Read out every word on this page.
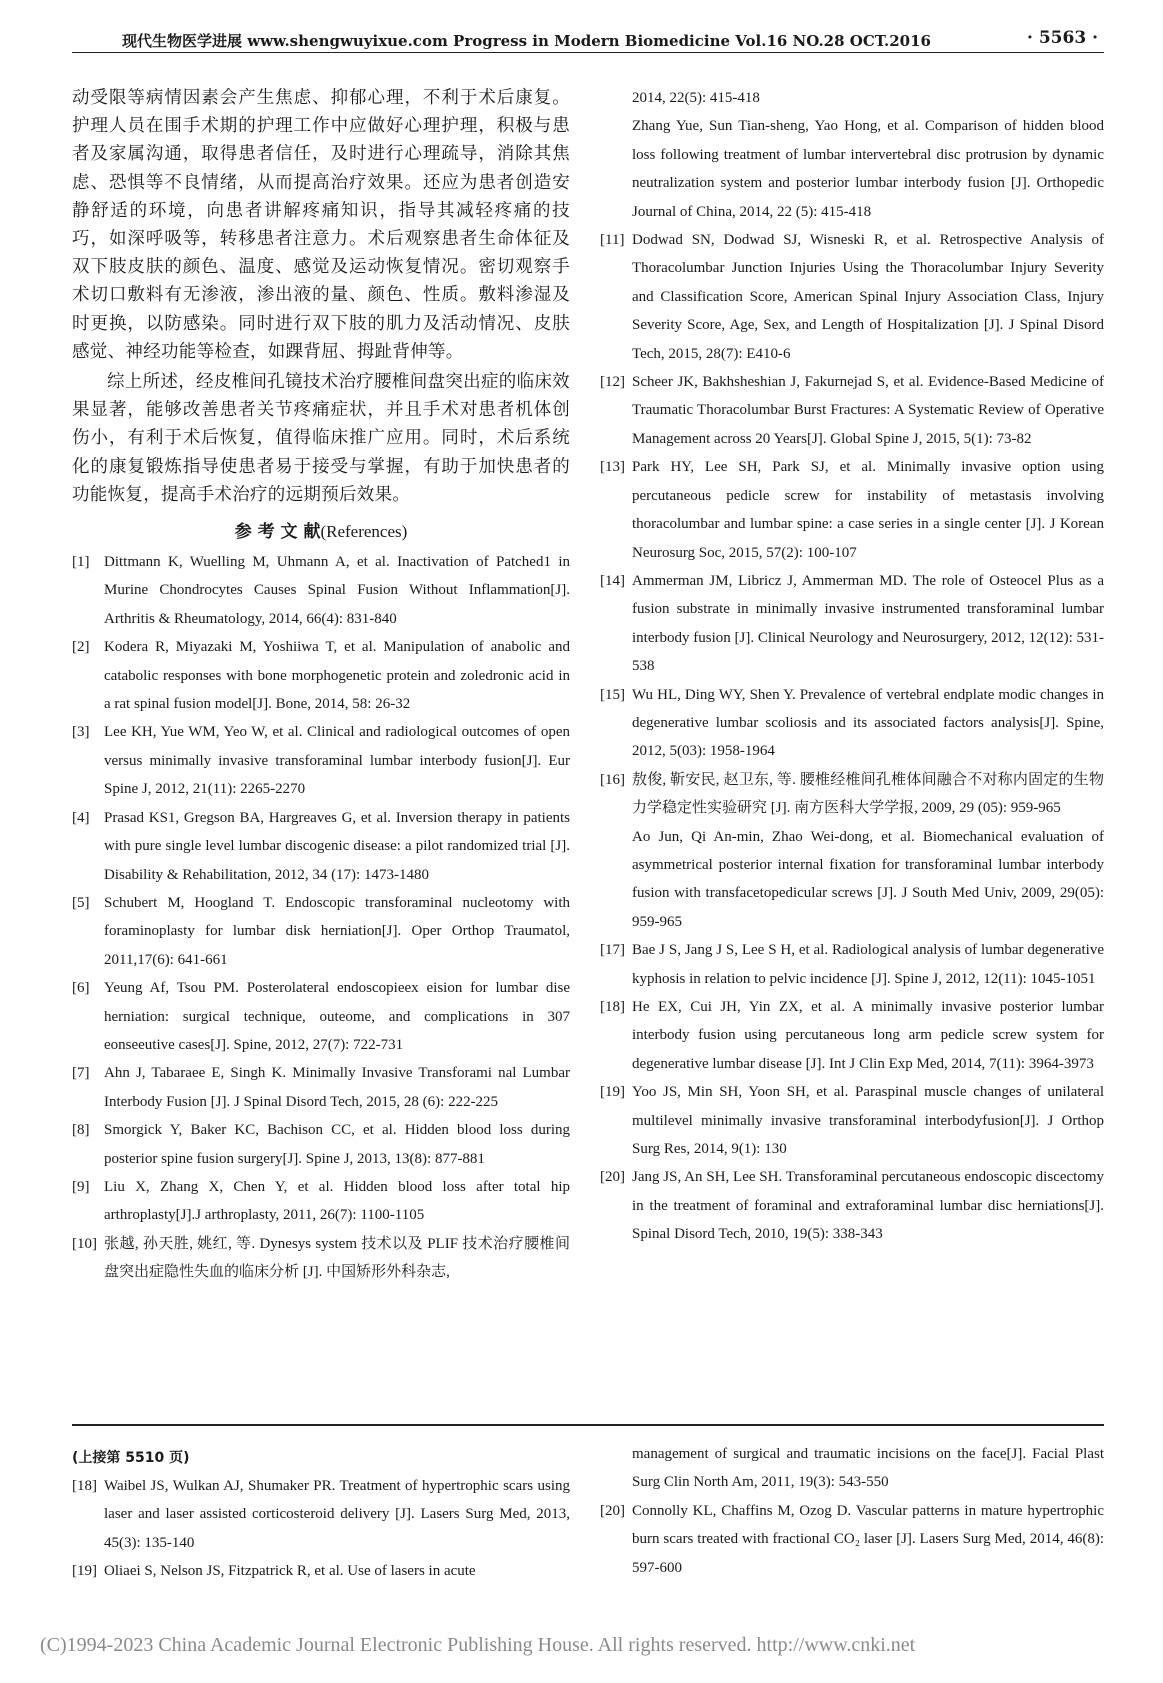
现代生物医学进展 www.shengwuyixue.com Progress in Modern Biomedicine Vol.16 NO.28 OCT.2016	· 5563 ·

动受限等病情因素会产生焦虑、抑郁心理，不利于术后康复。护理人员在围手术期的护理工作中应做好心理护理，积极与患者及家属沟通，取得患者信任，及时进行心理疏导，消除其焦虑、恐惧等不良情绪，从而提高治疗效果。还应为患者创造安静舒适的环境，向患者讲解疼痛知识，指导其减轻疼痛的技巧，如深呼吸等，转移患者注意力。术后观察患者生命体征及双下肢皮肤的颜色、温度、感觉及运动恢复情况。密切观察手术切口敷料有无渗液，渗出液的量、颜色、性质。敷料渗湿及时更换，以防感染。同时进行双下肢的肌力及活动情况、皮肤感觉、神经功能等检查，如踝背屈、拇趾背伸等。

综上所述，经皮椎间孔镜技术治疗腰椎间盘突出症的临床效果显著，能够改善患者关节疼痛症状，并且手术对患者机体创伤小，有利于术后恢复，值得临床推广应用。同时，术后系统化的康复锻炼指导使患者易于接受与掌握，有助于加快患者的功能恢复，提高手术治疗的远期预后效果。

参 考 文 献(References)

[1] Dittmann K, Wuelling M, Uhmann A, et al. Inactivation of Patched1 in Murine Chondrocytes Causes Spinal Fusion Without Inflammation[J]. Arthritis & Rheumatology, 2014, 66(4): 831-840

[2] Kodera R, Miyazaki M, Yoshiiwa T, et al. Manipulation of anabolic and catabolic responses with bone morphogenetic protein and zoledronic acid in a rat spinal fusion model[J]. Bone, 2014, 58: 26-32

[3] Lee KH, Yue WM, Yeo W, et al. Clinical and radiological outcomes of open versus minimally invasive transforaminal lumbar interbody fusion[J]. Eur Spine J, 2012, 21(11): 2265-2270

[4] Prasad KS1, Gregson BA, Hargreaves G, et al. Inversion therapy in patients with pure single level lumbar discogenic disease: a pilot randomized trial [J]. Disability & Rehabilitation, 2012, 34 (17): 1473-1480

[5] Schubert M, Hoogland T. Endoscopic transforaminal nucleotomy with foraminoplasty for lumbar disk herniation[J]. Oper Orthop Traumatol, 2011,17(6): 641-661

[6] Yeung Af, Tsou PM. Posterolateral endoscopieex eision for lumbar dise herniation: surgical technique, outeome, and complications in 307 eonseeutive cases[J]. Spine, 2012, 27(7): 722-731

[7] Ahn J, Tabaraee E, Singh K. Minimally Invasive Transforami nal Lumbar Interbody Fusion [J]. J Spinal Disord Tech, 2015, 28 (6): 222-225

[8] Smorgick Y, Baker KC, Bachison CC, et al. Hidden blood loss during posterior spine fusion surgery[J]. Spine J, 2013, 13(8): 877-881

[9] Liu X, Zhang X, Chen Y, et al. Hidden blood loss after total hip arthroplasty[J].J arthroplasty, 2011, 26(7): 1100-1105

[10] 张越, 孙天胜, 姚红, 等. Dynesys system 技术以及 PLIF 技术治疗腰椎间盘突出症隐性失血的临床分析 [J]. 中国矫形外科杂志,

2014, 22(5): 415-418

Zhang Yue, Sun Tian-sheng, Yao Hong, et al. Comparison of hidden blood loss following treatment of lumbar intervertebral disc protrusion by dynamic neutralization system and posterior lumbar interbody fusion [J]. Orthopedic Journal of China, 2014, 22 (5): 415-418

[11] Dodwad SN, Dodwad SJ, Wisneski R, et al. Retrospective Analysis of Thoracolumbar Junction Injuries Using the Thoracolumbar Injury Severity and Classification Score, American Spinal Injury Association Class, Injury Severity Score, Age, Sex, and Length of Hospitalization [J]. J Spinal Disord Tech, 2015, 28(7): E410-6

[12] Scheer JK, Bakhsheshian J, Fakurnejad S, et al. Evidence-Based Medicine of Traumatic Thoracolumbar Burst Fractures: A Systematic Review of Operative Management across 20 Years[J]. Global Spine J, 2015, 5(1): 73-82

[13] Park HY, Lee SH, Park SJ, et al. Minimally invasive option using percutaneous pedicle screw for instability of metastasis involving thoracolumbar and lumbar spine: a case series in a single center [J]. J Korean Neurosurg Soc, 2015, 57(2): 100-107

[14] Ammerman JM, Libricz J, Ammerman MD. The role of Osteocel Plus as a fusion substrate in minimally invasive instrumented transforaminal lumbar interbody fusion [J]. Clinical Neurology and Neurosurgery, 2012, 12(12): 531-538

[15] Wu HL, Ding WY, Shen Y. Prevalence of vertebral endplate modic changes in degenerative lumbar scoliosis and its associated factors analysis[J]. Spine, 2012, 5(03): 1958-1964

[16] 敖俊, 靳安民, 赵卫东, 等. 腰椎经椎间孔椎体间融合不对称内固定的生物力学稳定性实验研究 [J]. 南方医科大学学报, 2009, 29 (05): 959-965
Ao Jun, Qi An-min, Zhao Wei-dong, et al. Biomechanical evaluation of asymmetrical posterior internal fixation for transforaminal lumbar interbody fusion with transfacetopedicular screws [J]. J South Med Univ, 2009, 29(05): 959-965

[17] Bae J S, Jang J S, Lee S H, et al. Radiological analysis of lumbar degenerative kyphosis in relation to pelvic incidence [J]. Spine J, 2012, 12(11): 1045-1051

[18] He EX, Cui JH, Yin ZX, et al. A minimally invasive posterior lumbar interbody fusion using percutaneous long arm pedicle screw system for degenerative lumbar disease [J]. Int J Clin Exp Med, 2014, 7(11): 3964-3973

[19] Yoo JS, Min SH, Yoon SH, et al. Paraspinal muscle changes of unilateral multilevel minimally invasive transforaminal interbodyfusion[J]. J Orthop Surg Res, 2014, 9(1): 130

[20] Jang JS, An SH, Lee SH. Transforaminal percutaneous endoscopic discectomy in the treatment of foraminal and extraforaminal lumbar disc herniations[J]. Spinal Disord Tech, 2010, 19(5): 338-343

(上接第 5510 页)

[18] Waibel JS, Wulkan AJ, Shumaker PR. Treatment of hypertrophic scars using laser and laser assisted corticosteroid delivery [J]. Lasers Surg Med, 2013, 45(3): 135-140

[19] Oliaei S, Nelson JS, Fitzpatrick R, et al. Use of lasers in acute

management of surgical and traumatic incisions on the face[J]. Facial Plast Surg Clin North Am, 2011, 19(3): 543-550

[20] Connolly KL, Chaffins M, Ozog D. Vascular patterns in mature hypertrophic burn scars treated with fractional CO₂ laser [J]. Lasers Surg Med, 2014, 46(8): 597-600

(C)1994-2023 China Academic Journal Electronic Publishing House. All rights reserved. http://www.cnki.net
